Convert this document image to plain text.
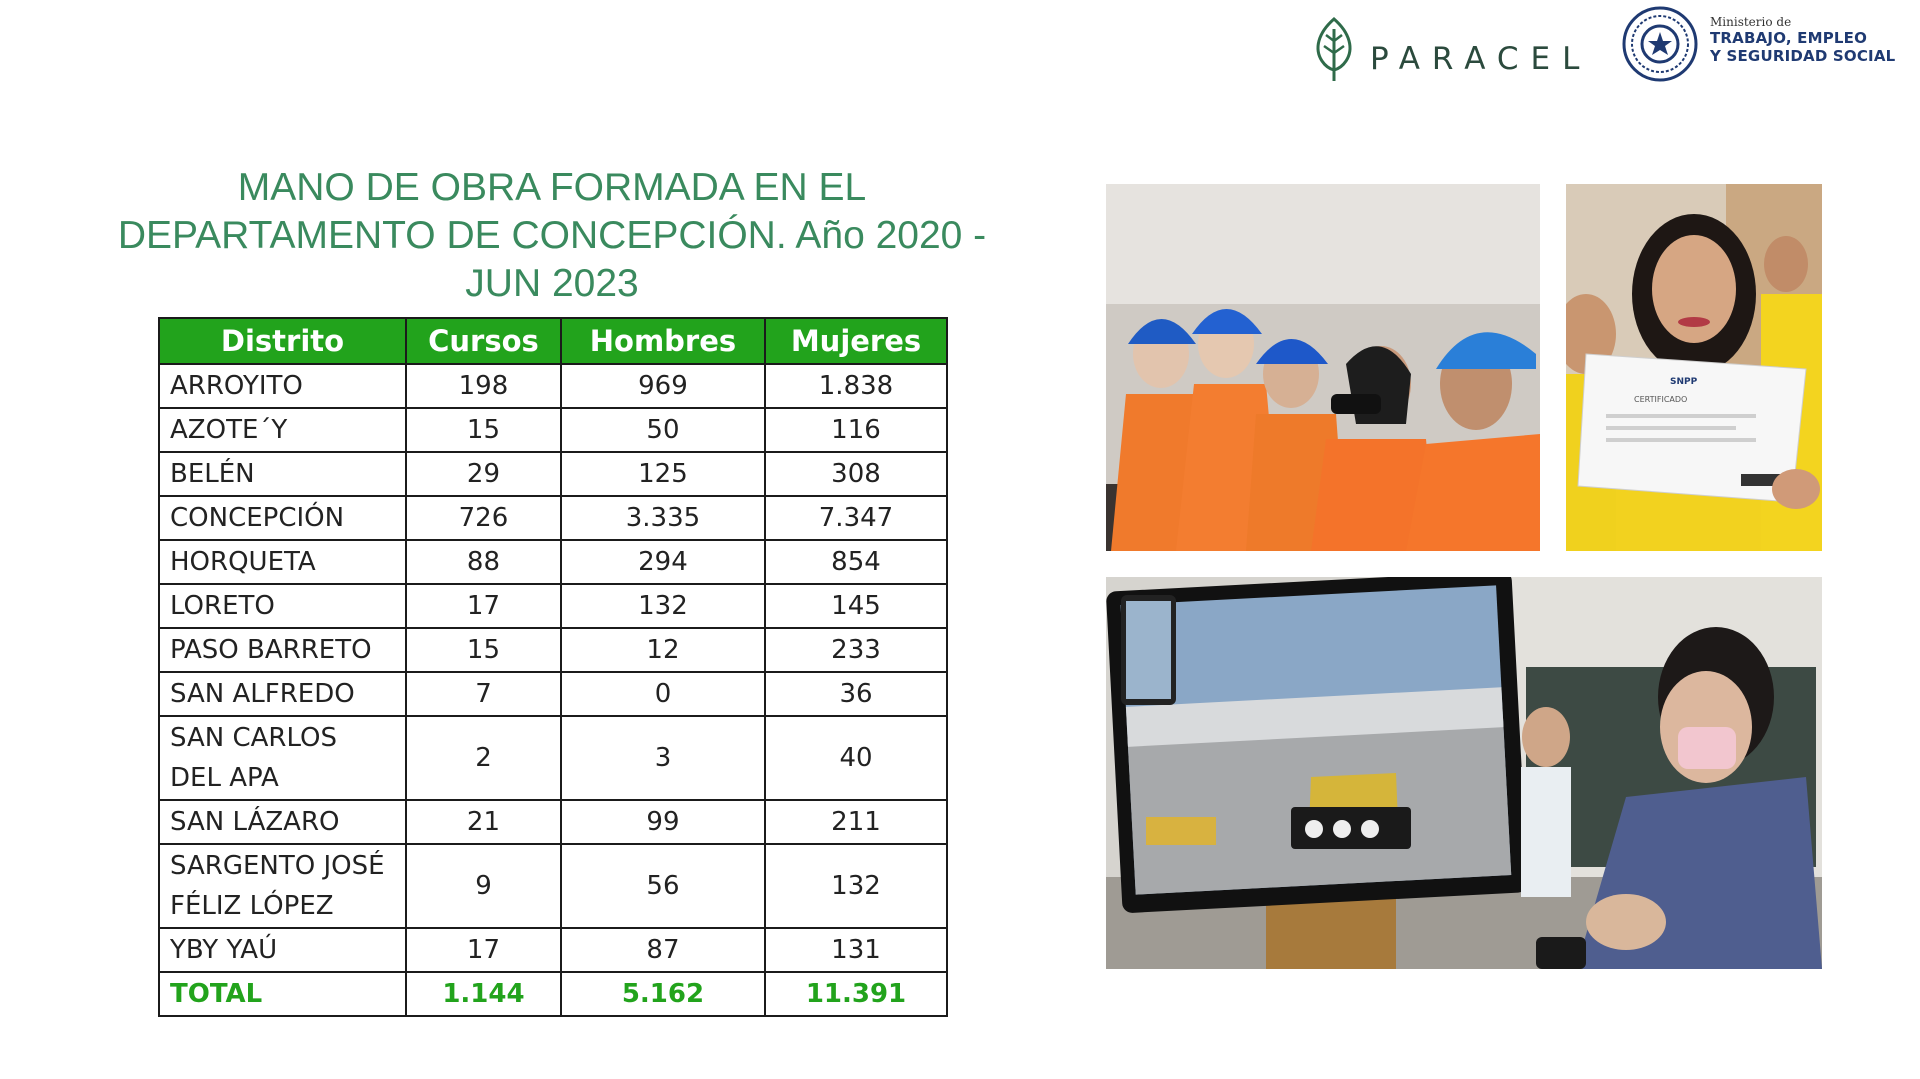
PARACEL
Ministerio de
TRABAJO, EMPLEO
Y SEGURIDAD SOCIAL
MANO DE OBRA FORMADA EN EL
DEPARTAMENTO DE CONCEPCIÓN. Año 2020 -
JUN 2023
Distrito	Cursos	Hombres	Mujeres
ARROYITO	198	969	1.838
AZOTE´Y	15	50	116
BELÉN	29	125	308
CONCEPCIÓN	726	3.335	7.347
HORQUETA	88	294	854
LORETO	17	132	145
PASO BARRETO	15	12	233
SAN ALFREDO	7	0	36
SAN CARLOS DEL APA	2	3	40
SAN LÁZARO	21	99	211
SARGENTO JOSÉ FÉLIZ LÓPEZ	9	56	132
YBY YAÚ	17	87	131
TOTAL	1.144	5.162	11.391
CERTIFICADO
SNPP
